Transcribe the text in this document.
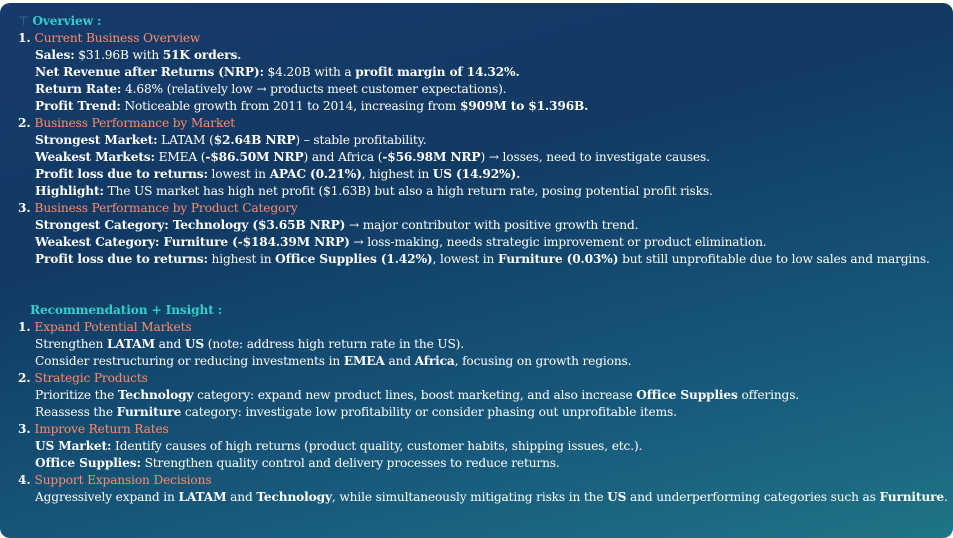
⊤ Overview :
1. Current Business Overview
Sales: $31.96B with 51K orders.
Net Revenue after Returns (NRP): $4.20B with a profit margin of 14.32%.
Return Rate: 4.68% (relatively low → products meet customer expectations).
Profit Trend: Noticeable growth from 2011 to 2014, increasing from $909M to $1.396B.
2. Business Performance by Market
Strongest Market: LATAM ($2.64B NRP) – stable profitability.
Weakest Markets: EMEA (-$86.50M NRP) and Africa (-$56.98M NRP) → losses, need to investigate causes.
Profit loss due to returns: lowest in APAC (0.21%), highest in US (14.92%).
Highlight: The US market has high net profit ($1.63B) but also a high return rate, posing potential profit risks.
3. Business Performance by Product Category
Strongest Category: Technology ($3.65B NRP) → major contributor with positive growth trend.
Weakest Category: Furniture (-$184.39M NRP) → loss-making, needs strategic improvement or product elimination.
Profit loss due to returns: highest in Office Supplies (1.42%), lowest in Furniture (0.03%) but still unprofitable due to low sales and margins.
Recommendation + Insight :
1. Expand Potential Markets
Strengthen LATAM and US (note: address high return rate in the US).
Consider restructuring or reducing investments in EMEA and Africa, focusing on growth regions.
2. Strategic Products
Prioritize the Technology category: expand new product lines, boost marketing, and also increase Office Supplies offerings.
Reassess the Furniture category: investigate low profitability or consider phasing out unprofitable items.
3. Improve Return Rates
US Market: Identify causes of high returns (product quality, customer habits, shipping issues, etc.).
Office Supplies: Strengthen quality control and delivery processes to reduce returns.
4. Support Expansion Decisions
Aggressively expand in LATAM and Technology, while simultaneously mitigating risks in the US and underperforming categories such as Furniture.
